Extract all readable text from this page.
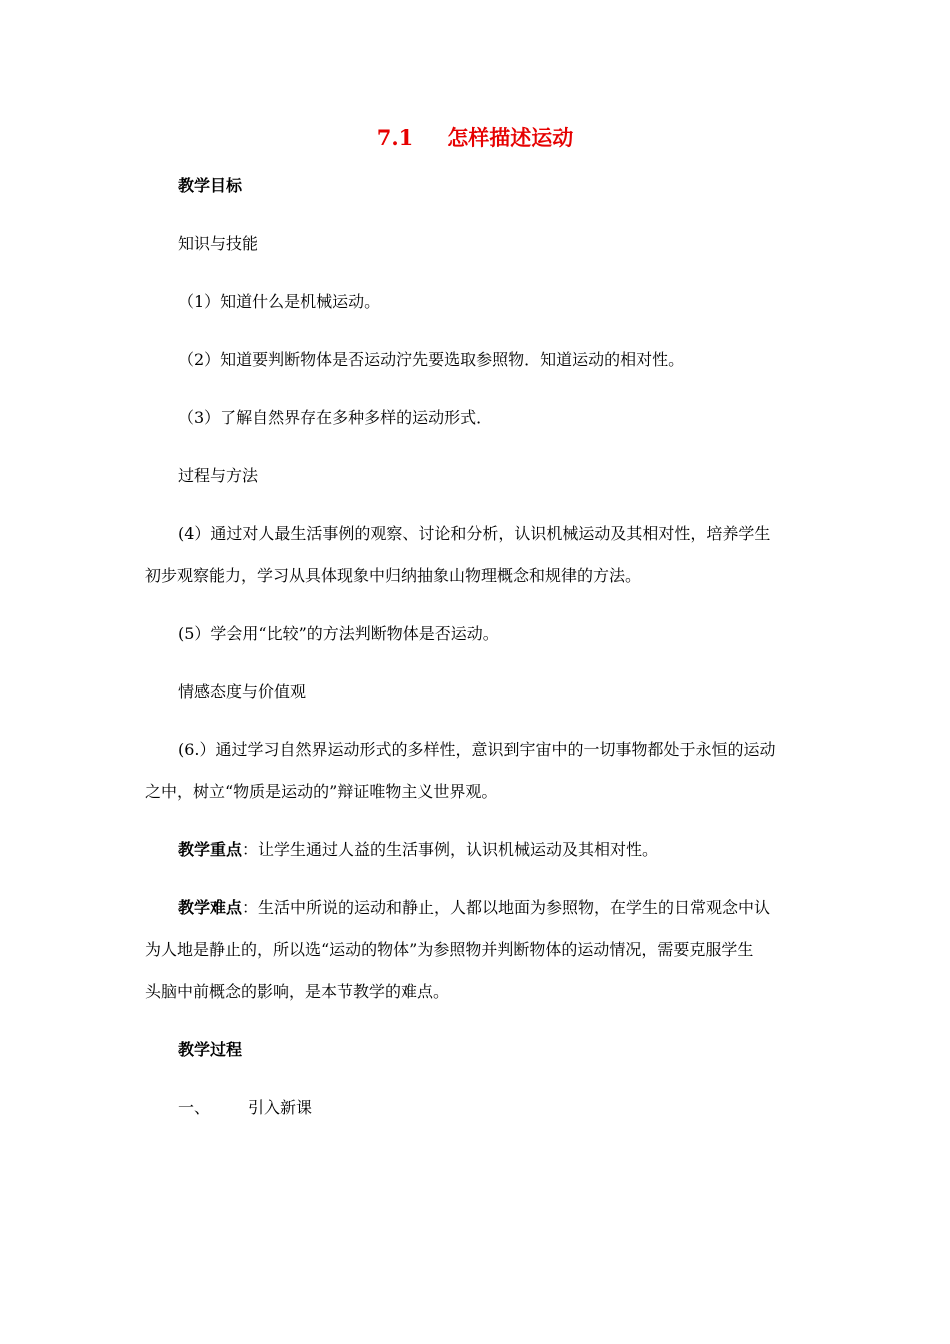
7.1 怎样描述运动
教学目标
知识与技能
（1）知道什么是机械运动。
（2）知道要判断物体是否运动泞先要选取参照物．知道运动的相对性。
（3）了解自然界存在多种多样的运动形式．
过程与方法
(4）通过对人最生活事例的观察、讨论和分析，认识机械运动及其相对性，培养学生
初步观察能力，学习从具体现象中归纳抽象山物理概念和规律的方法。
(5）学会用“比较”的方法判断物体是否运动。
情感态度与价值观
(6.）通过学习自然界运动形式的多样性，意识到宇宙中的一切事物都处于永恒的运动
之中，树立“物质是运动的”辩证唯物主义世界观。
教学重点：让学生通过人益的生活事例，认识机械运动及其相对性。
教学难点：生活中所说的运动和静止，人都以地面为参照物，在学生的日常观念中认
为人地是静止的，所以选“运动的物体”为参照物并判断物体的运动情况，需要克服学生
头脑中前概念的影响，是本节教学的难点。
教学过程
一、 引入新课
